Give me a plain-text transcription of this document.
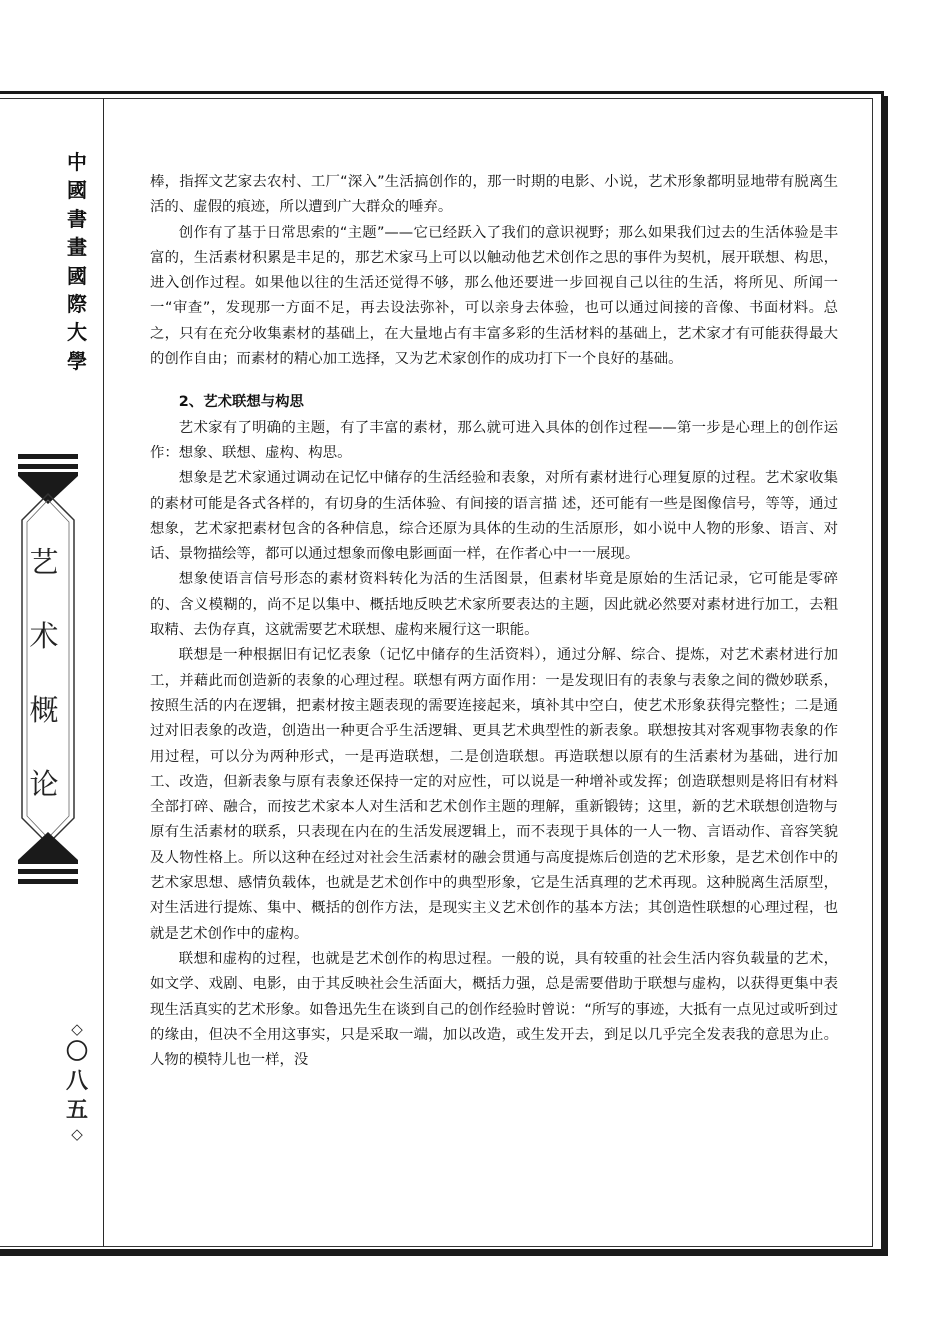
中
國
書
畫
國
際
大
學
艺
术
概
论
◇
〇
八
五
◇

棒，指挥文艺家去农村、工厂“深入”生活搞创作的，那一时期的电影、小说，艺术形象都明显地带有脱离生活的、虚假的痕迹，所以遭到广大群众的唾弃。

创作有了基于日常思索的“主题”——它已经跃入了我们的意识视野；那么如果我们过去的生活体验是丰富的，生活素材积累是丰足的，那艺术家马上可以以触动他艺术创作之思的事件为契机，展开联想、构思，进入创作过程。如果他以往的生活还觉得不够，那么他还要进一步回视自己以往的生活，将所见、所闻一一“审查”，发现那一方面不足，再去设法弥补，可以亲身去体验，也可以通过间接的音像、书面材料。总之，只有在充分收集素材的基础上，在大量地占有丰富多彩的生活材料的基础上，艺术家才有可能获得最大的创作自由；而素材的精心加工选择，又为艺术家创作的成功打下一个良好的基础。

2、艺术联想与构思

艺术家有了明确的主题，有了丰富的素材，那么就可进入具体的创作过程——第一步是心理上的创作运作：想象、联想、虚构、构思。

想象是艺术家通过调动在记忆中储存的生活经验和表象，对所有素材进行心理复原的过程。艺术家收集的素材可能是各式各样的，有切身的生活体验、有间接的语言描 述，还可能有一些是图像信号，等等，通过想象，艺术家把素材包含的各种信息，综合还原为具体的生动的生活原形，如小说中人物的形象、语言、对话、景物描绘等，都可以通过想象而像电影画面一样，在作者心中一一展现。

想象使语言信号形态的素材资料转化为活的生活图景，但素材毕竟是原始的生活记录，它可能是零碎的、含义模糊的，尚不足以集中、概括地反映艺术家所要表达的主题，因此就必然要对素材进行加工，去粗取精、去伪存真，这就需要艺术联想、虚构来履行这一职能。

联想是一种根据旧有记忆表象（记忆中储存的生活资料），通过分解、综合、提炼，对艺术素材进行加工，并藉此而创造新的表象的心理过程。联想有两方面作用：一是发现旧有的表象与表象之间的微妙联系，按照生活的内在逻辑，把素材按主题表现的需要连接起来，填补其中空白，使艺术形象获得完整性；二是通过对旧表象的改造，创造出一种更合乎生活逻辑、更具艺术典型性的新表象。联想按其对客观事物表象的作用过程，可以分为两种形式，一是再造联想，二是创造联想。再造联想以原有的生活素材为基础，进行加工、改造，但新表象与原有表象还保持一定的对应性，可以说是一种增补或发挥；创造联想则是将旧有材料全部打碎、融合，而按艺术家本人对生活和艺术创作主题的理解，重新锻铸；这里，新的艺术联想创造物与原有生活素材的联系，只表现在内在的生活发展逻辑上，而不表现于具体的一人一物、言语动作、音容笑貌及人物性格上。所以这种在经过对社会生活素材的融会贯通与高度提炼后创造的艺术形象，是艺术创作中的艺术家思想、感情负载体，也就是艺术创作中的典型形象，它是生活真理的艺术再现。这种脱离生活原型，对生活进行提炼、集中、概括的创作方法，是现实主义艺术创作的基本方法；其创造性联想的心理过程，也就是艺术创作中的虚构。

联想和虚构的过程，也就是艺术创作的构思过程。一般的说，具有较重的社会生活内容负载量的艺术，如文学、戏剧、电影，由于其反映社会生活面大，概括力强，总是需要借助于联想与虚构，以获得更集中表现生活真实的艺术形象。如鲁迅先生在谈到自己的创作经验时曾说：“所写的事迹，大抵有一点见过或听到过的缘由，但决不全用这事实，只是采取一端，加以改造，或生发开去，到足以几乎完全发表我的意思为止。人物的模特儿也一样，没
